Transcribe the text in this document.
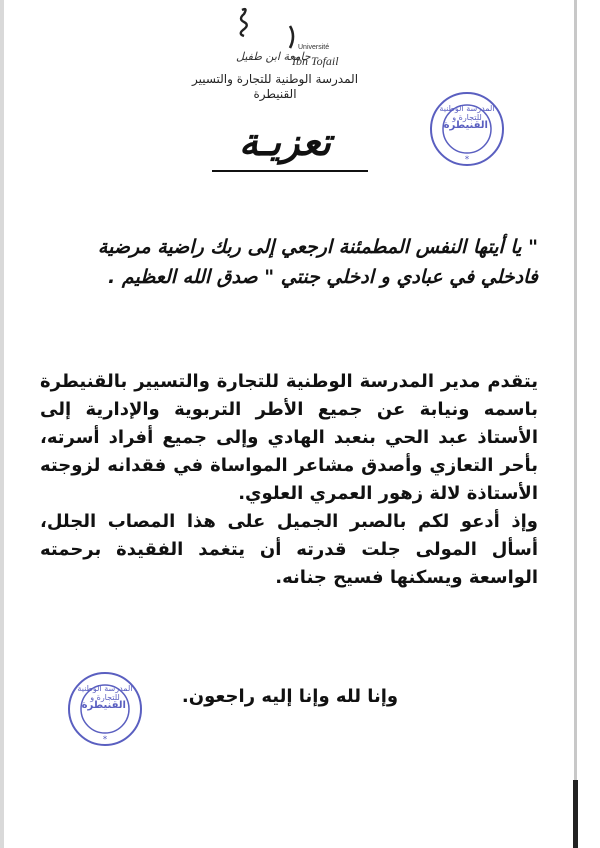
جامعة ابن طفيل
Université
Ibn Tofail
المدرسة الوطنية للتجارة والتسيير
القنيطرة
*
المدرسة الوطنية للتجارة و
القنيطرة
تعزيـة
" يا أيتها النفس المطمئنة ارجعي إلى ربك راضية مرضية فادخلي في عبادي و ادخلي جنتي " صدق الله العظيم .

يتقدم مدير المدرسة الوطنية للتجارة والتسيير بالقنيطرة باسمه ونيابة عن جميع الأطر التربوية والإدارية إلى الأستاذ عبد الحي بنعبد الهادي وإلى جميع أفراد أسرته، بأحر التعازي وأصدق مشاعر المواساة في فقدانه لزوجته الأستاذة لالة زهور العمري العلوي.

وإذ أدعو لكم بالصبر الجميل على هذا المصاب الجلل، أسأل المولى جلت قدرته أن يتغمد الفقيدة برحمته الواسعة ويسكنها فسيح جنانه.

وإنا لله وإنا إليه راجعون.
*
المدرسة الوطنية للتجارة و
القنيطرة
